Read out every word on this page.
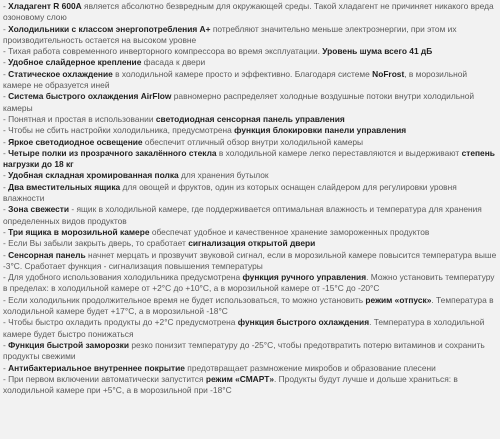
- Хладагент R 600A является абсолютно безвредным для окружающей среды. Такой хладагент не причиняет никакого вреда озоновому слою

- Холодильники с классом энергопотребления A+ потребляют значительно меньше электроэнергии, при этом их производительность остается на высоком уровне

- Тихая работа современного инверторного компрессора во время эксплуатации. Уровень шума всего 41 дБ

- Удобное слайдерное крепление фасада к двери

- Статическое охлаждение в холодильной камере просто и эффективно. Благодаря системе NoFrost, в морозильной камере не образуется иней

- Система быстрого охлаждения AirFlow равномерно распределяет холодные воздушные потоки внутри холодильной камеры

- Понятная и простая в использовании светодиодная сенсорная панель управления

- Чтобы не сбить настройки холодильника, предусмотрена функция блокировки панели управления

- Яркое светодиодное освещение обеспечит отличный обзор внутри холодильной камеры

- Четыре полки из прозрачного закалённого стекла в холодильной камере легко переставляются и выдерживают степень нагрузки до 18 кг

- Удобная складная хромированная полка для хранения бутылок

- Два вместительных ящика для овощей и фруктов, один из которых оснащен слайдером для регулировки уровня влажности

- Зона свежести - ящик в холодильной камере, где поддерживается оптимальная влажность и температура для хранения определенных видов продуктов

- Три ящика в морозильной камере обеспечат удобное и качественное хранение замороженных продуктов

- Если Вы забыли закрыть дверь, то сработает сигнализация открытой двери

- Сенсорная панель начнет мерцать и прозвучит звуковой сигнал, если в морозильной камере повысится температура выше -3°С. Сработает функция - сигнализация повышения температуры

- Для удобного использования холодильника предусмотрена функция ручного управления. Можно установить температуру в пределах: в холодильной камере от +2°С до +10°С, а в морозильной камере от -15°С до -20°С

- Если холодильник продолжительное время не будет использоваться, то можно установить режим «отпуск». Температура в холодильной камере будет +17°С, а в морозильной -18°С

- Чтобы быстро охладить продукты до +2°С предусмотрена функция быстрого охлаждения. Температура в холодильной камере будет быстро понижаться

- Функция быстрой заморозки резко понизит температуру до -25°С, чтобы предотвратить потерю витаминов и сохранить продукты свежими

- Антибактериальное внутреннее покрытие предотвращает размножение микробов и образование плесени

- При первом включении автоматически запустится режим «СМАРТ». Продукты будут лучше и дольше храниться: в холодильной камере при +5°С, а в морозильной при -18°С
